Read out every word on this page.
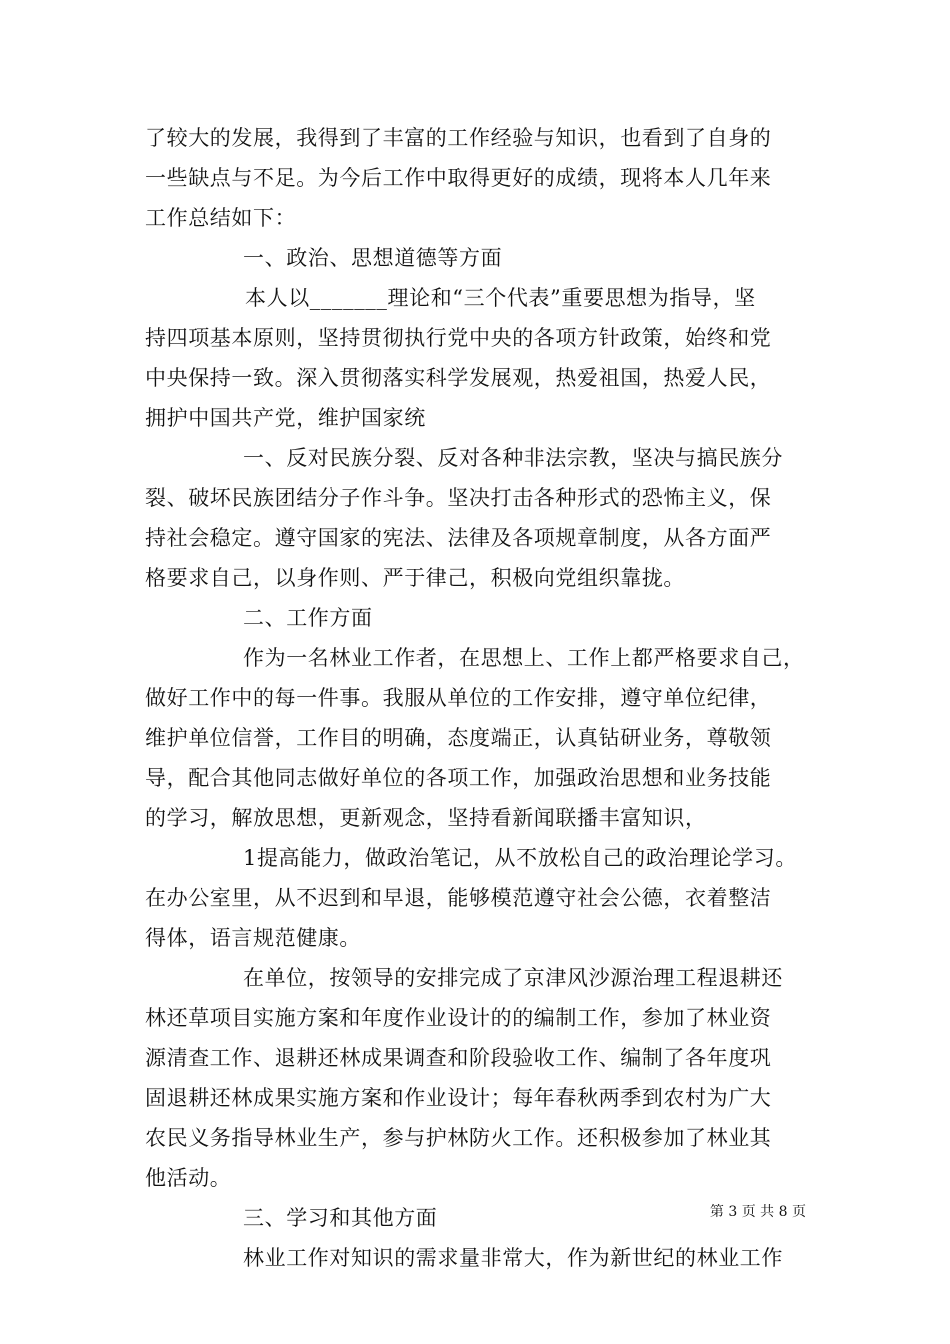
了较大的发展，我得到了丰富的工作经验与知识，也看到了自身的
一些缺点与不足。为今后工作中取得更好的成绩，现将本人几年来
工作总结如下：
一、政治、思想道德等方面
本人以_______理论和“三个代表”重要思想为指导，坚
持四项基本原则，坚持贯彻执行党中央的各项方针政策，始终和党
中央保持一致。深入贯彻落实科学发展观，热爱祖国，热爱人民，
拥护中国共产党，维护国家统
一、反对民族分裂、反对各种非法宗教，坚决与搞民族分
裂、破坏民族团结分子作斗争。坚决打击各种形式的恐怖主义，保
持社会稳定。遵守国家的宪法、法律及各项规章制度，从各方面严
格要求自己，以身作则、严于律己，积极向党组织靠拢。
二、工作方面
作为一名林业工作者，在思想上、工作上都严格要求自己，
做好工作中的每一件事。我服从单位的工作安排，遵守单位纪律，
维护单位信誉，工作目的明确，态度端正，认真钻研业务，尊敬领
导，配合其他同志做好单位的各项工作，加强政治思想和业务技能
的学习，解放思想，更新观念，坚持看新闻联播丰富知识，
1提高能力，做政治笔记，从不放松自己的政治理论学习。
在办公室里，从不迟到和早退，能够模范遵守社会公德，衣着整洁
得体，语言规范健康。
在单位，按领导的安排完成了京津风沙源治理工程退耕还
林还草项目实施方案和年度作业设计的的编制工作，参加了林业资
源清查工作、退耕还林成果调查和阶段验收工作、编制了各年度巩
固退耕还林成果实施方案和作业设计；每年春秋两季到农村为广大
农民义务指导林业生产，参与护林防火工作。还积极参加了林业其
他活动。
三、学习和其他方面
林业工作对知识的需求量非常大，作为新世纪的林业工作
第 3 页 共 8 页
